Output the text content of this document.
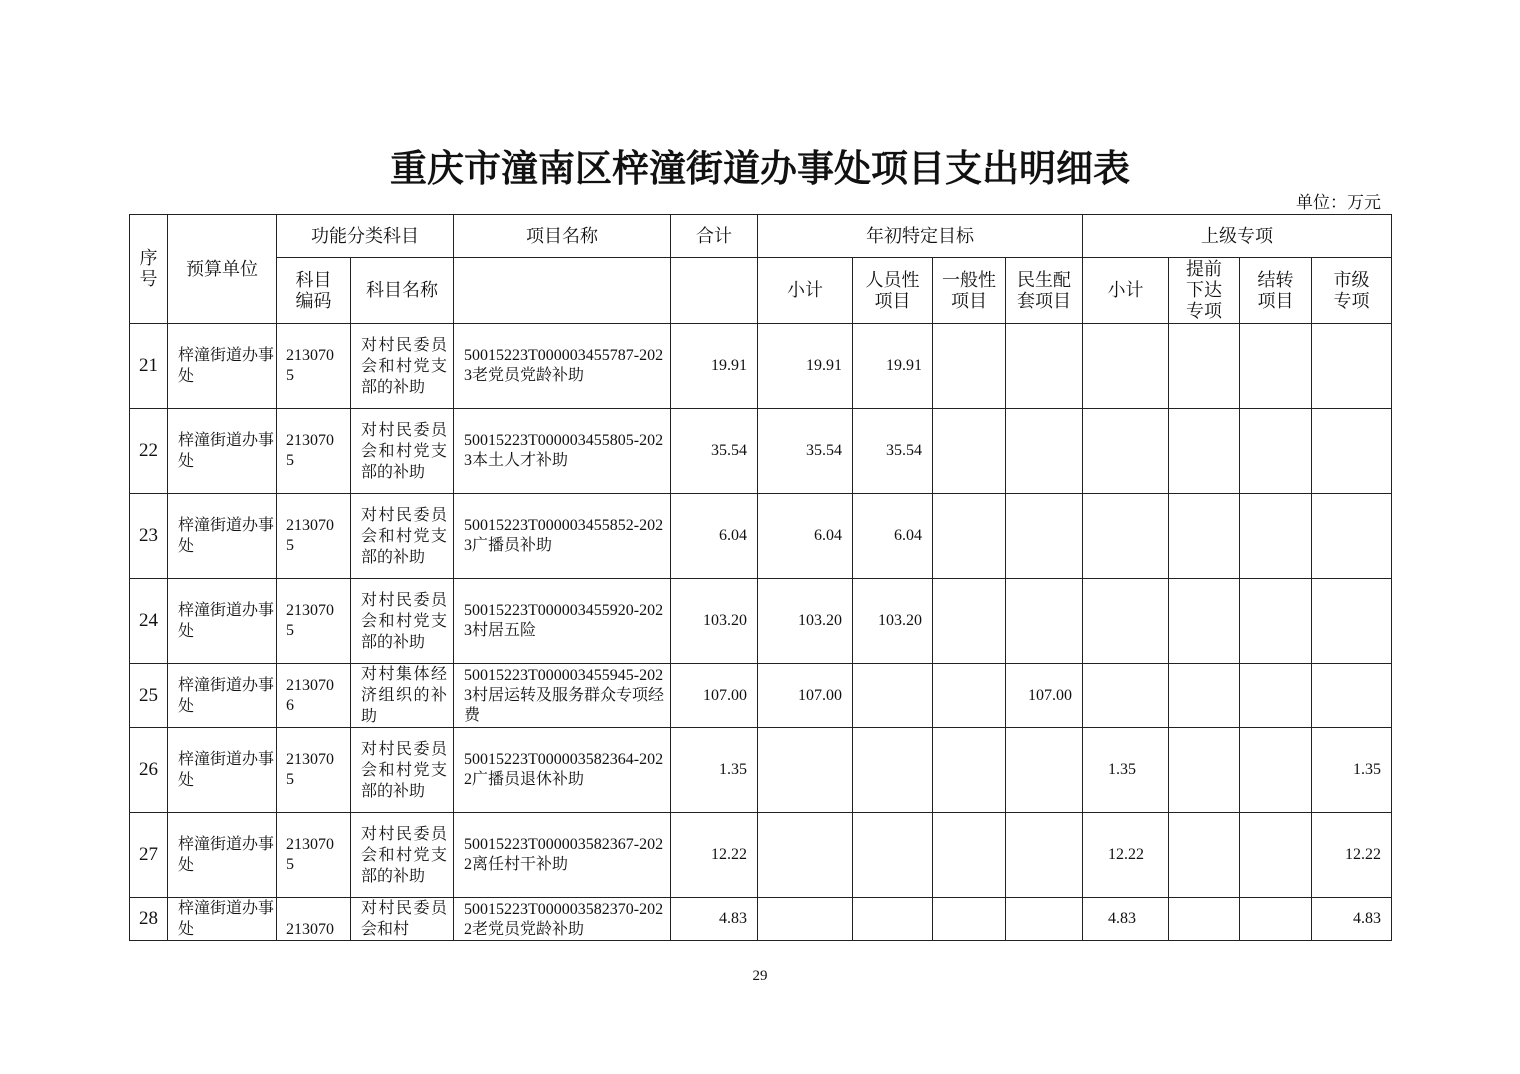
重庆市潼南区梓潼街道办事处项目支出明细表
单位：万元
序号	预算单位	功能分类科目		项目名称	合计	年初特定目标				上级专项			

		科目编码	科目名称			小计	人员性项目	一般性项目	民生配套项目	小计	提前下达专项	结转项目	市级专项

21	梓潼街道办事处	2130705	对村民委员会和村党支部的补助	50015223T000003455787-2023老党员党龄补助	19.91	19.91	19.91						
22	梓潼街道办事处	2130705	对村民委员会和村党支部的补助	50015223T000003455805-2023本土人才补助	35.54	35.54	35.54						
23	梓潼街道办事处	2130705	对村民委员会和村党支部的补助	50015223T000003455852-2023广播员补助	6.04	6.04	6.04						
24	梓潼街道办事处	2130705	对村民委员会和村党支部的补助	50015223T000003455920-2023村居五险	103.20	103.20	103.20						
25	梓潼街道办事处	2130706	对村集体经济组织的补助	50015223T000003455945-2023村居运转及服务群众专项经费	107.00	107.00			107.00				
26	梓潼街道办事处	2130705	对村民委员会和村党支部的补助	50015223T000003582364-2022广播员退休补助	1.35					1.35			1.35
27	梓潼街道办事处	2130705	对村民委员会和村党支部的补助	50015223T000003582367-2022离任村干补助	12.22					12.22			12.22
28	梓潼街道办事处	213070	对村民委员会和村	50015223T000003582370-2022老党员党龄补助	4.83					4.83			4.83
29
